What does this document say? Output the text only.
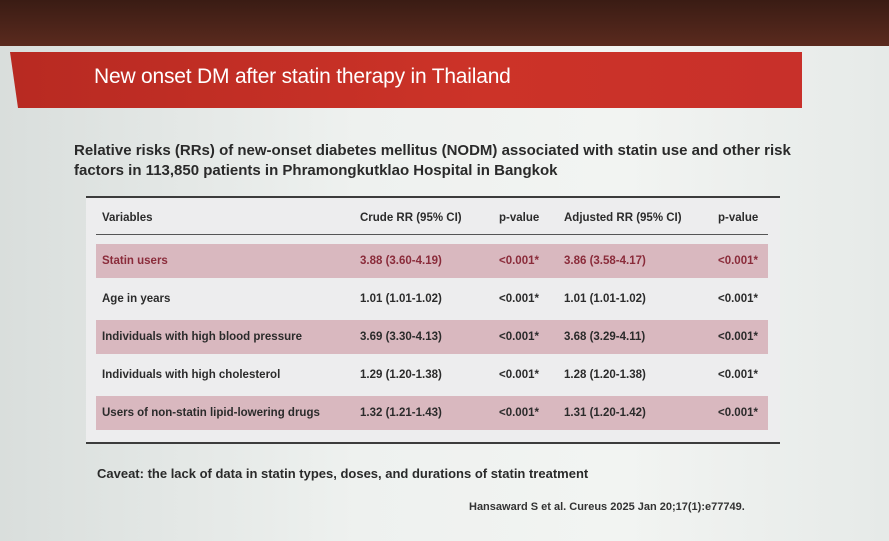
New onset DM after statin therapy in Thailand
Relative risks (RRs) of new-onset diabetes mellitus (NODM) associated with statin use and other risk factors in 113,850 patients in Phramongkutklao Hospital in Bangkok
Variables	Crude RR (95% CI)	p-value Adjusted RR (95% CI)	p-value
Statin users	3.88 (3.60-4.19)	<0.001* 3.86 (3.58-4.17)	<0.001*
Age in years	1.01 (1.01-1.02)	<0.001* 1.01 (1.01-1.02)	<0.001*
Individuals with high blood pressure	3.69 (3.30-4.13)	<0.001* 3.68 (3.29-4.11)	<0.001*
Individuals with high cholesterol	1.29 (1.20-1.38)	<0.001* 1.28 (1.20-1.38)	<0.001*
Users of non-statin lipid-lowering drugs	1.32 (1.21-1.43)	<0.001* 1.31 (1.20-1.42)	<0.001*
Caveat: the lack of data in statin types, doses, and durations of statin treatment
Hansaward S et al. Cureus 2025 Jan 20;17(1):e77749.
